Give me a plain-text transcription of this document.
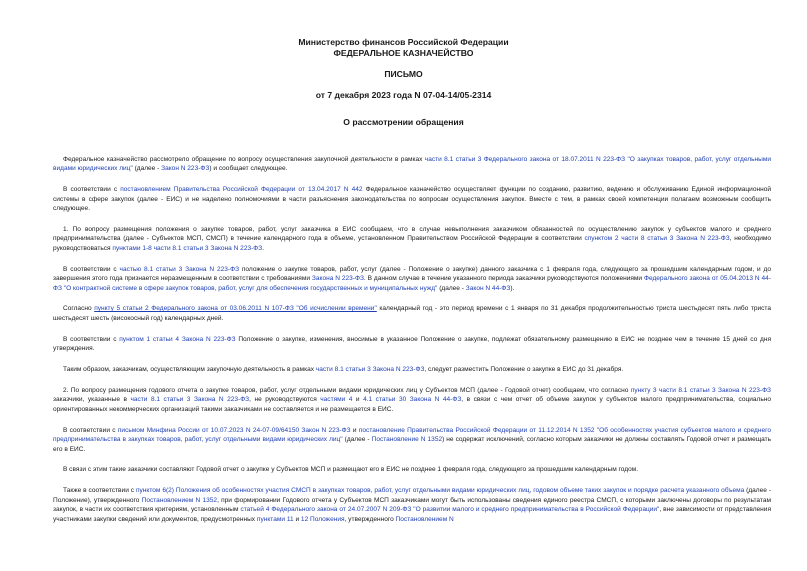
Министерство финансов Российской Федерации
ФЕДЕРАЛЬНОЕ КАЗНАЧЕЙСТВО
ПИСЬМО
от 7 декабря 2023 года N 07-04-14/05-2314
О рассмотрении обращения

Федеральное казначейство рассмотрело обращение по вопросу осуществления закупочной деятельности в рамках части 8.1 статьи 3 Федерального закона от 18.07.2011 N 223-ФЗ "О закупках товаров, работ, услуг отдельными видами юридических лиц" (далее - Закон N 223-ФЗ) и сообщает следующее.

В соответствии с постановлением Правительства Российской Федерации от 13.04.2017 N 442 Федеральное казначейство осуществляет функции по созданию, развитию, ведению и обслуживанию Единой информационной системы в сфере закупок (далее - ЕИС) и не наделено полномочиями в части разъяснения законодательства по вопросам осуществления закупок. Вместе с тем, в рамках своей компетенции полагаем возможным сообщить следующее.

1. По вопросу размещения положения о закупке товаров, работ, услуг заказчика в ЕИС сообщаем, что в случае невыполнения заказчиком обязанностей по осуществлению закупок у субъектов малого и среднего предпринимательства (далее - Субъектов МСП, СМСП) в течение календарного года в объеме, установленном Правительством Российской Федерации в соответствии спунктом 2 части 8 статьи 3 Закона N 223-ФЗ, необходимо руководствоваться пунктами 1-8 части 8.1 статьи 3 Закона N 223-ФЗ.

В соответствии с частью 8.1 статьи 3 Закона N 223-ФЗ положение о закупке товаров, работ, услуг (далее - Положение о закупке) данного заказчика с 1 февраля года, следующего за прошедшим календарным годом, и до завершения этого года признается неразмещенным в соответствии с требованиями Закона N 223-ФЗ. В данном случае в течение указанного периода заказчики руководствуются положениями Федерального закона от 05.04.2013 N 44-ФЗ "О контрактной системе в сфере закупок товаров, работ, услуг для обеспечения государственных и муниципальных нужд" (далее - Закон N 44-ФЗ).

Согласно пункту 5 статьи 2 Федерального закона от 03.06.2011 N 107-ФЗ "Об исчислении времени" календарный год - это период времени с 1 января по 31 декабря продолжительностью триста шестьдесят пять либо триста шестьдесят шесть (високосный год) календарных дней.

В соответствии с пунктом 1 статьи 4 Закона N 223-ФЗ Положение о закупке, изменения, вносимые в указанное Положение о закупке, подлежат обязательному размещению в ЕИС не позднее чем в течение 15 дней со дня утверждения.

Таким образом, заказчикам, осуществляющим закупочную деятельность в рамках части 8.1 статьи 3 Закона N 223-ФЗ, следует разместить Положение о закупке в ЕИС до 31 декабря.

2. По вопросу размещения годового отчета о закупке товаров, работ, услуг отдельными видами юридических лиц у Субъектов МСП (далее - Годовой отчет) сообщаем, что согласно пункту 3 части 8.1 статьи 3 Закона N 223-ФЗ заказчики, указанные в части 8.1 статьи 3 Закона N 223-ФЗ, не руководствуются частями 4 и 4.1 статьи 30 Закона N 44-ФЗ, в связи с чем отчет об объеме закупок у субъектов малого предпринимательства, социально ориентированных некоммерческих организаций такими заказчиками не составляется и не размещается в ЕИС.

В соответствии с письмом Минфина России от 10.07.2023 N 24-07-09/64150 Закон N 223-ФЗ и постановление Правительства Российской Федерации от 11.12.2014 N 1352 "Об особенностях участия субъектов малого и среднего предпринимательства в закупках товаров, работ, услуг отдельными видами юридических лиц" (далее - Постановление N 1352) не содержат исключений, согласно которым заказчики не должны составлять Годовой отчет и размещать его в ЕИС.

В связи с этим такие заказчики составляют Годовой отчет о закупке у Субъектов МСП и размещают его в ЕИС не позднее 1 февраля года, следующего за прошедшим календарным годом.

Также в соответствии с пунктом 6(2) Положения об особенностях участия СМСП в закупках товаров, работ, услуг отдельными видами юридических лиц, годовом объеме таких закупок и порядке расчета указанного объема (далее - Положение), утвержденного Постановлением N 1352, при формировании Годового отчета у Субъектов МСП заказчиками могут быть использованы сведения единого реестра СМСП, с которыми заключены договоры по результатам закупок, в части их соответствия критериям, установленным статьей 4 Федерального закона от 24.07.2007 N 209-ФЗ "О развитии малого и среднего предпринимательства в Российской Федерации", вне зависимости от представления участниками закупки сведений или документов, предусмотренных пунктами 11 и 12 Положения, утвержденного Постановлением N
